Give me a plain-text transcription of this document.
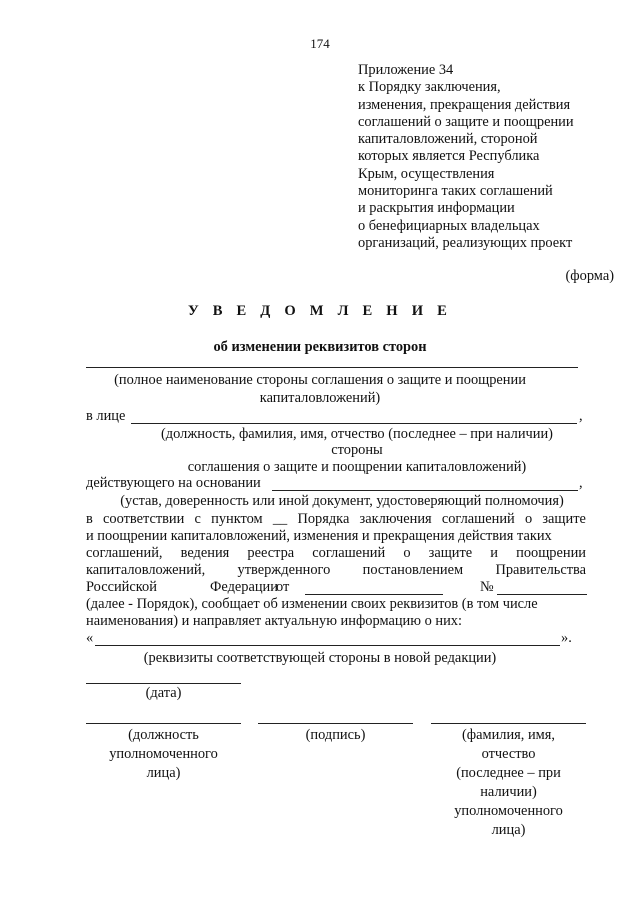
174
Приложение 34
к Порядку заключения,
изменения, прекращения действия
соглашений о защите и поощрении
капиталовложений, стороной
которых является Республика
Крым, осуществления
мониторинга таких соглашений
и раскрытия информации
о бенефициарных владельцах
организаций, реализующих проект
(форма)
У В Е Д О М Л Е Н И Е
об изменении реквизитов сторон
(полное наименование стороны соглашения о защите и поощрении
капиталовложений)
в лице	,
(должность, фамилия, имя, отчество (последнее – при наличии)
стороны
соглашения о защите и поощрении капиталовложений)
действующего на основании	,
(устав, доверенность или иной документ, удостоверяющий полномочия)
в соответствии с пунктом __ Порядка заключения соглашений о защите
и поощрении капиталовложений, изменения и прекращения действия таких
соглашений, ведения реестра соглашений о защите и поощрении
капиталовложений, утвержденного постановлением Правительства
Российской	Федерации
от	№
(далее - Порядок), сообщает об изменении своих реквизитов (в том числе
наименования) и направляет актуальную информацию о них:
«	».
(реквизиты соответствующей стороны в новой редакции)
(дата)
(должность
уполномоченного
лица)
(подпись)	(фамилия, имя,
отчество
(последнее – при
наличии)
уполномоченного
лица)
